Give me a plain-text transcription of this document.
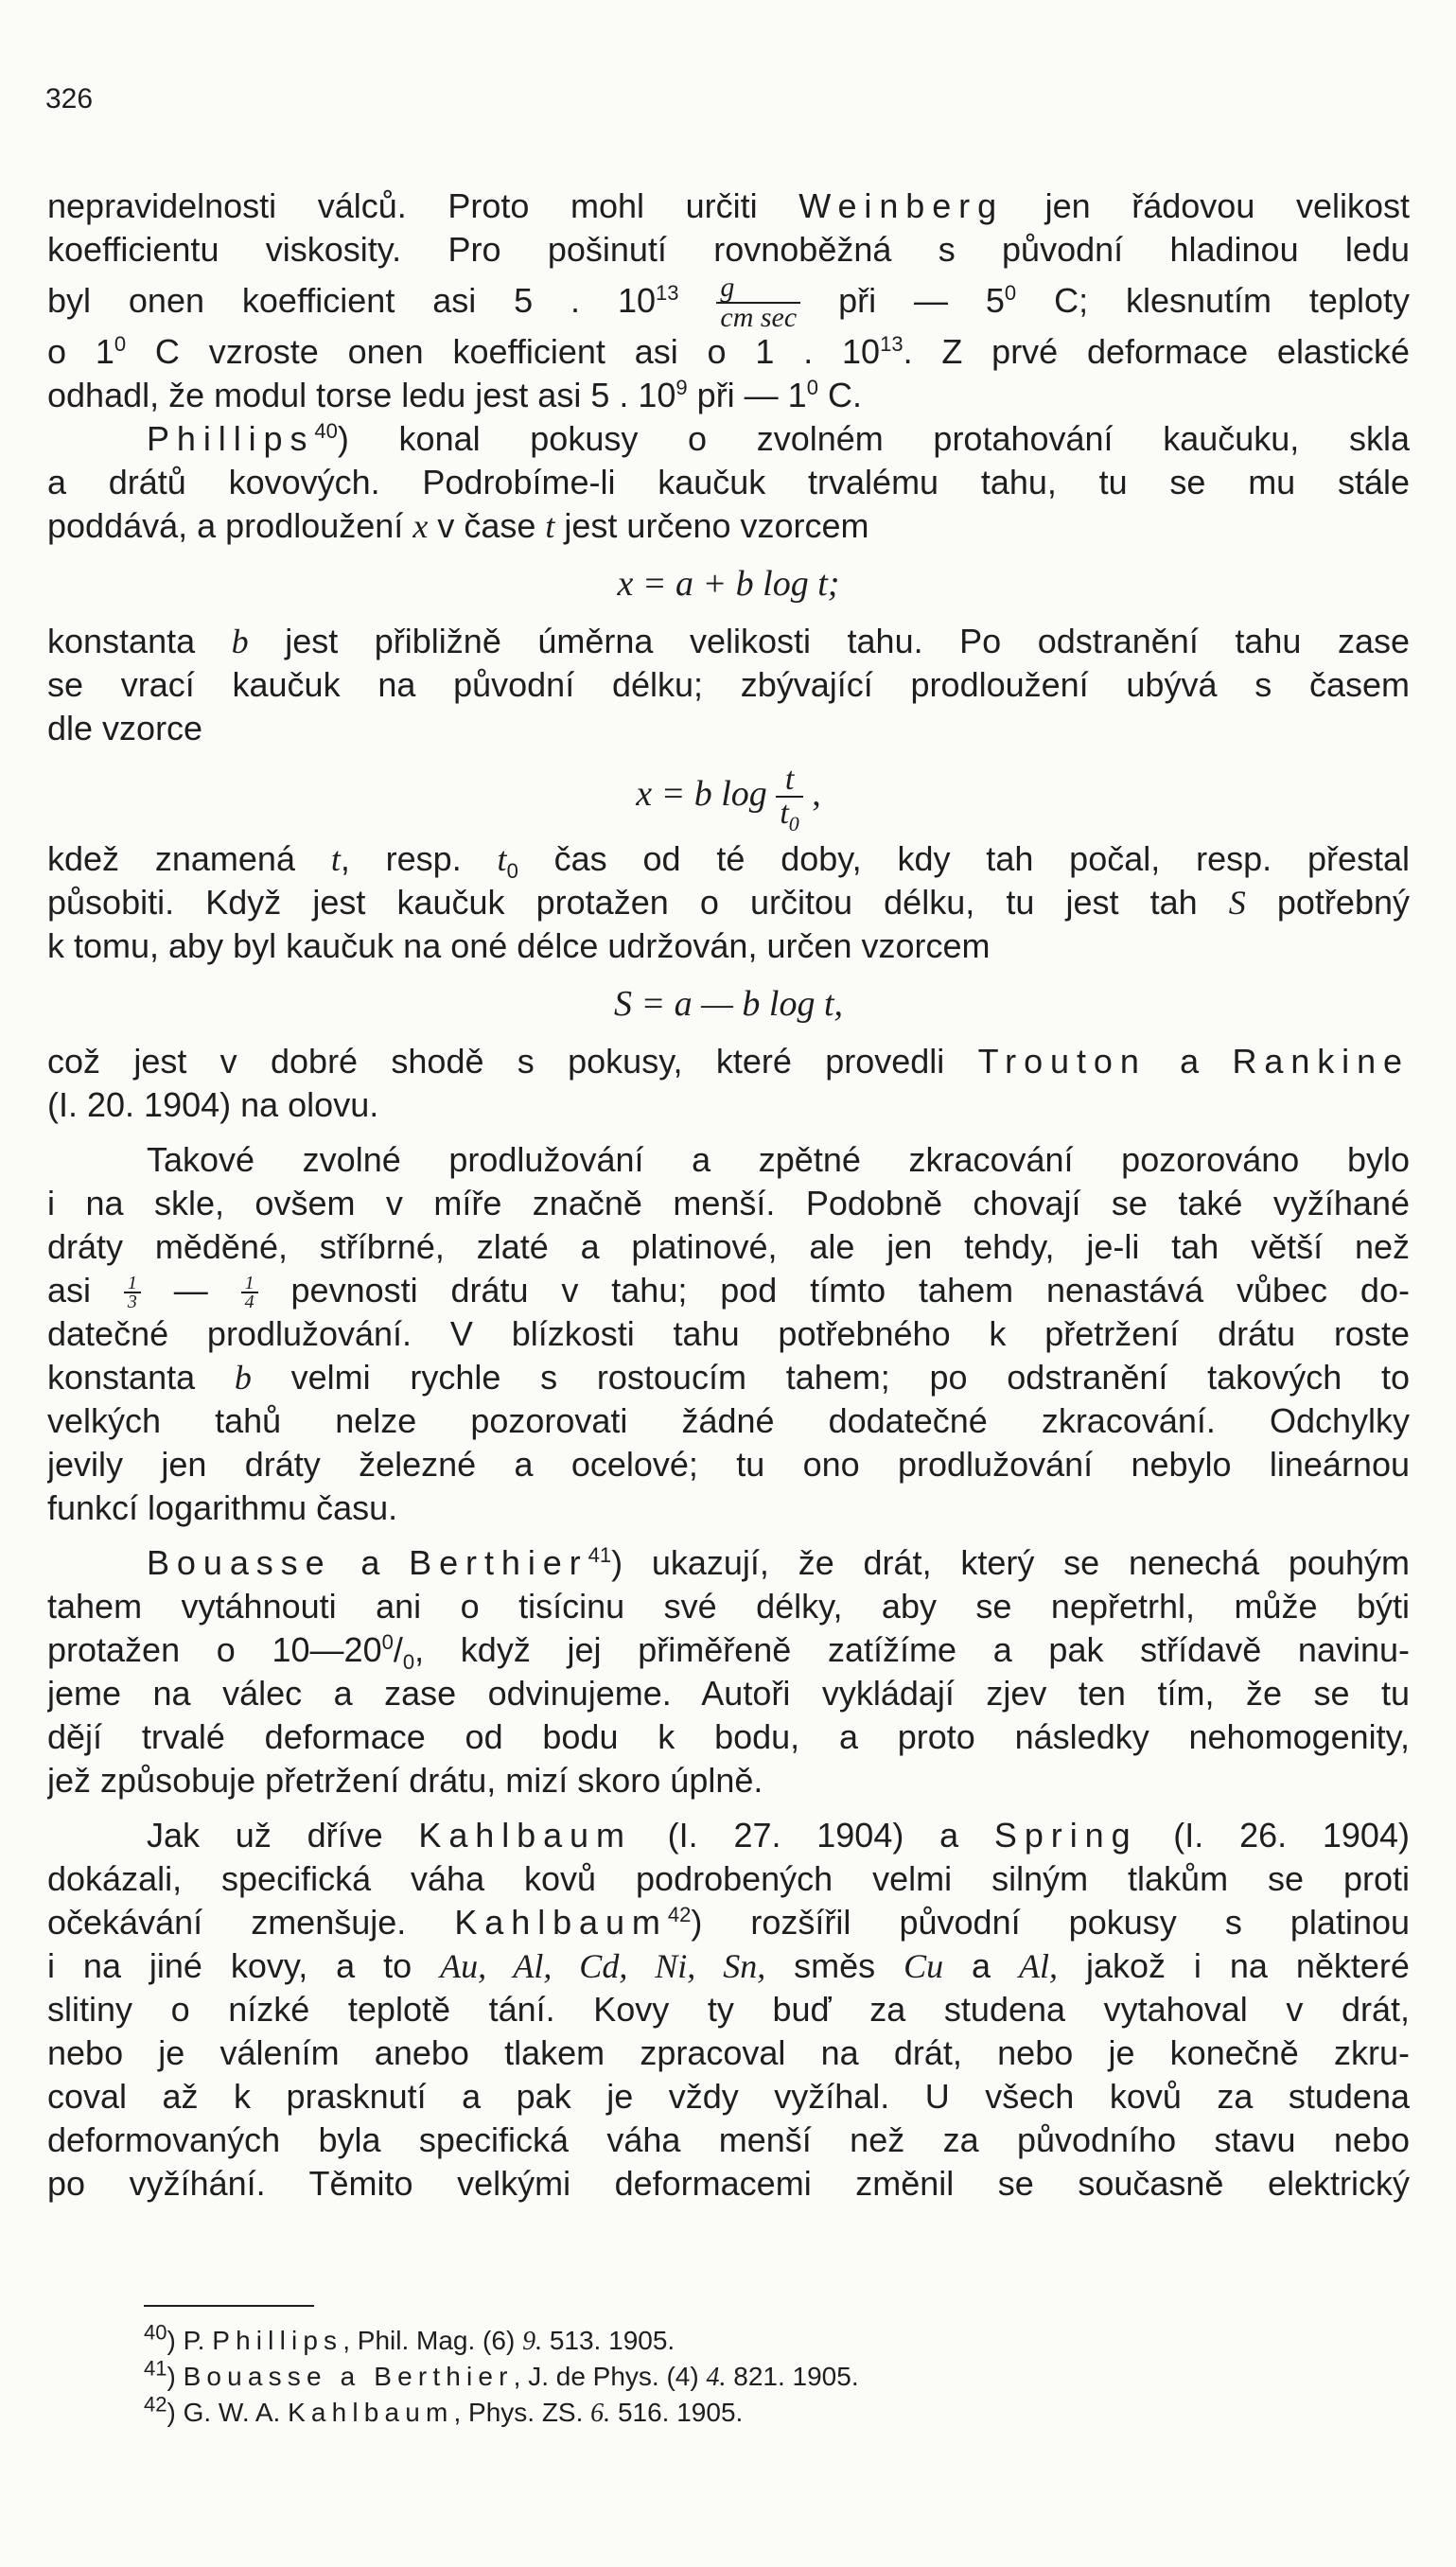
326
nepravidelnosti válců. Proto mohl určiti Weinberg jen řádovou velikost
koefficientu viskosity. Pro pošinutí rovnoběžná s původní hladinou ledu
byl onen koefficient asi 5 . $10^{13} \frac{g}{\text{cm sec}}$ při — $5^0$ C; klesnutím teploty
o $1^0$ C vzroste onen koefficient asi o 1 . $10^{13}$. Z prvé deformace elastické
odhadl, že modul torse ledu jest asi 5 . $10^9$ při — $1^0$ C.
Phillips$^{40}$) konal pokusy o zvolném protahování kaučuku, skla
a drátů kovových. Podrobíme-li kaučuk trvalému tahu, tu se mu stále
poddává, a prodloužení x v čase t jest určeno vzorcem
x = a + b log t;
konstanta b jest přibližně úměrna velikosti tahu. Po odstranění tahu zase
se vrací kaučuk na původní délku; zbývající prodloužení ubývá s časem
dle vzorce
x = b $\log \frac{t}{t_0}$ ,
kdež znamená t, resp. $t_0$ čas od té doby, kdy tah počal, resp. přestal
působiti. Když jest kaučuk protažen o určitou délku, tu jest tah S potřebný
k tomu, aby byl kaučuk na oné délce udržován, určen vzorcem
S = a — b log t,
což jest v dobré shodě s pokusy, které provedli Trouton a Rankine
(I. 20. 1904) na olovu.
Takové zvolné prodlužování a zpětné zkracování pozorováno bylo
i na skle, ovšem v míře značně menší. Podobně chovají se také vyžíhané
dráty měděné, stříbrné, zlaté a platinové, ale jen tehdy, je-li tah větší než
asi $\frac{1}{3}$ — $\frac{1}{4}$ pevnosti drátu v tahu; pod tímto tahem nenastává vůbec do-
datečné prodlužování. V blízkosti tahu potřebného k přetržení drátu roste
konstanta b velmi rychle s rostoucím tahem; po odstranění takových to
velkých tahů nelze pozorovati žádné dodatečné zkracování. Odchylky
jevily jen dráty železné a ocelové; tu ono prodlužování nebylo lineárnou
funkcí logarithmu času.
Bouasse a Berthier$^{41}$) ukazují, že drát, který se nenechá pouhým
tahem vytáhnouti ani o tisícinu své délky, aby se nepřetrhl, může býti
protažen o $10—20^0/_0$, když jej přiměřeně zatížíme a pak střídavě navinu-
jeme na válec a zase odvinujeme. Autoři vykládají zjev ten tím, že se tu
dějí trvalé deformace od bodu k bodu, a proto následky nehomogenity,
jež způsobuje přetržení drátu, mizí skoro úplně.
Jak už dříve Kahlbaum (I. 27. 1904) a Spring (I. 26. 1904)
dokázali, specifická váha kovů podrobených velmi silným tlakům se proti
očekávání zmenšuje. Kahlbaum$^{42}$) rozšířil původní pokusy s platinou
i na jiné kovy, a to Au, Al, Cd, Ni, Sn, směs Cu a Al, jakož i na některé
slitiny o nízké teplotě tání. Kovy ty buď za studena vytahoval v drát,
nebo je válením anebo tlakem zpracoval na drát, nebo je konečně zkru-
coval až k prasknutí a pak je vždy vyžíhal. U všech kovů za studena
deformovaných byla specifická váha menší než za původního stavu nebo
po vyžíhání. Těmito velkými deformacemi změnil se současně elektrický
$^{40}$) P. Phillips, Phil. Mag. (6) 9. 513. 1905.
$^{41}$) Bouasse a Berthier, J. de Phys. (4) 4. 821. 1905.
$^{42}$) G. W. A. Kahlbaum, Phys. ZS. 6. 516. 1905.
